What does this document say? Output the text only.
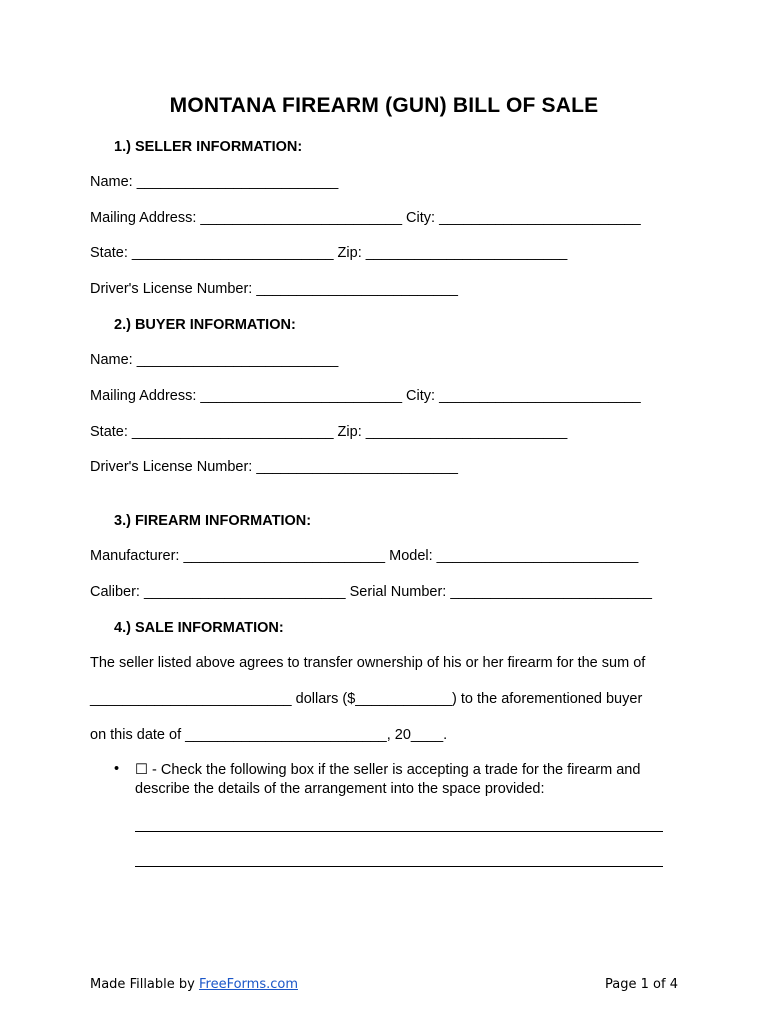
MONTANA FIREARM (GUN) BILL OF SALE
1.) SELLER INFORMATION:
Name: _________________________
Mailing Address: _________________________ City: _________________________
State: _________________________ Zip: _________________________
Driver's License Number: _________________________
2.) BUYER INFORMATION:
Name: _________________________
Mailing Address: _________________________ City: _________________________
State: _________________________ Zip: _________________________
Driver's License Number: _________________________
3.) FIREARM INFORMATION:
Manufacturer: _________________________ Model: _________________________
Caliber: _________________________ Serial Number: _________________________
4.) SALE INFORMATION:
The seller listed above agrees to transfer ownership of his or her firearm for the sum of
_________________________ dollars ($____________) to the aforementioned buyer
on this date of _________________________, 20____.
• ☐ - Check the following box if the seller is accepting a trade for the firearm and describe the details of the arrangement into the space provided:
Made Fillable by FreeForms.com	Page 1 of 4
